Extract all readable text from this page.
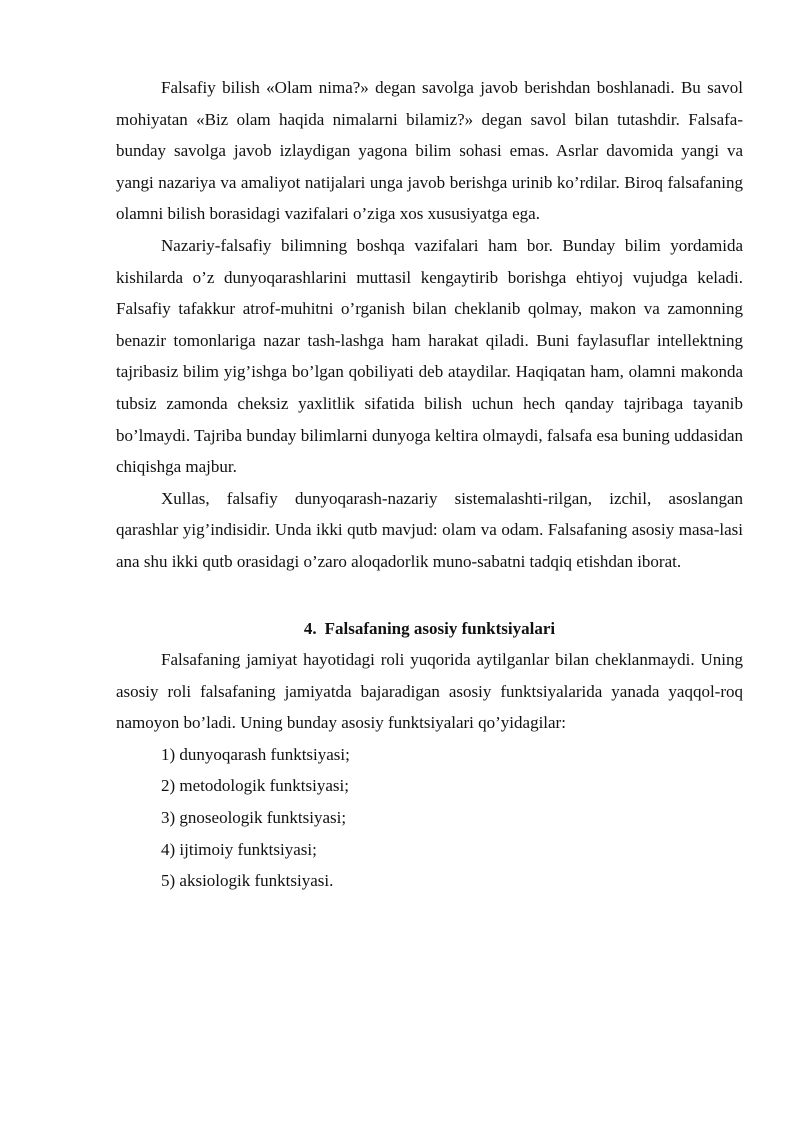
Falsafiy bilish «Olam nima?» degan savolga javob berishdan boshlanadi. Bu savol mohiyatan «Biz olam haqida nimalarni bilamiz?» degan savol bilan tutashdir. Falsafa-bunday savolga javob izlaydigan yagona bilim sohasi emas. Asrlar davomida yangi va yangi nazariya va amaliyot natijalari unga javob berishga urinib ko’rdilar. Biroq falsafaning olamni bilish borasidagi vazifalari o’ziga xos xususiyatga ega.

Nazariy-falsafiy bilimning boshqa vazifalari ham bor. Bunday bilim yordamida kishilarda o’z dunyoqarashlarini muttasil kengaytirib borishga ehtiyoj vujudga keladi. Falsafiy tafakkur atrof-muhitni o’rganish bilan cheklanib qolmay, makon va zamonning benazir tomonlariga nazar tash-lashga ham harakat qiladi. Buni faylasuflar intellektning tajribasiz bilim yig’ishga bo’lgan qobiliyati deb ataydilar. Haqiqatan ham, olamni makonda tubsiz zamonda cheksiz yaxlitlik sifatida bilish uchun hech qanday tajribaga tayanib bo’lmaydi. Tajriba bunday bilimlarni dunyoga keltira olmaydi, falsafa esa buning uddasidan chiqishga majbur.

Xullas, falsafiy dunyoqarash-nazariy sistemalashti-rilgan, izchil, asoslangan qarashlar yig’indisidir. Unda ikki qutb mavjud: olam va odam. Falsafaning asosiy masa-lasi ana shu ikki qutb orasidagi o’zaro aloqadorlik muno-sabatni tadqiq etishdan iborat.

4. Falsafaning asosiy funktsiyalari

Falsafaning jamiyat hayotidagi roli yuqorida aytilganlar bilan cheklanmaydi. Uning asosiy roli falsafaning jamiyatda bajaradigan asosiy funktsiyalarida yanada yaqqol-roq namoyon bo’ladi. Uning bunday asosiy funktsiyalari qo’yidagilar:

1) dunyoqarash funktsiyasi;
2) metodologik funktsiyasi;
3) gnoseologik funktsiyasi;
4) ijtimoiy funktsiyasi;
5) aksiologik funktsiyasi.
